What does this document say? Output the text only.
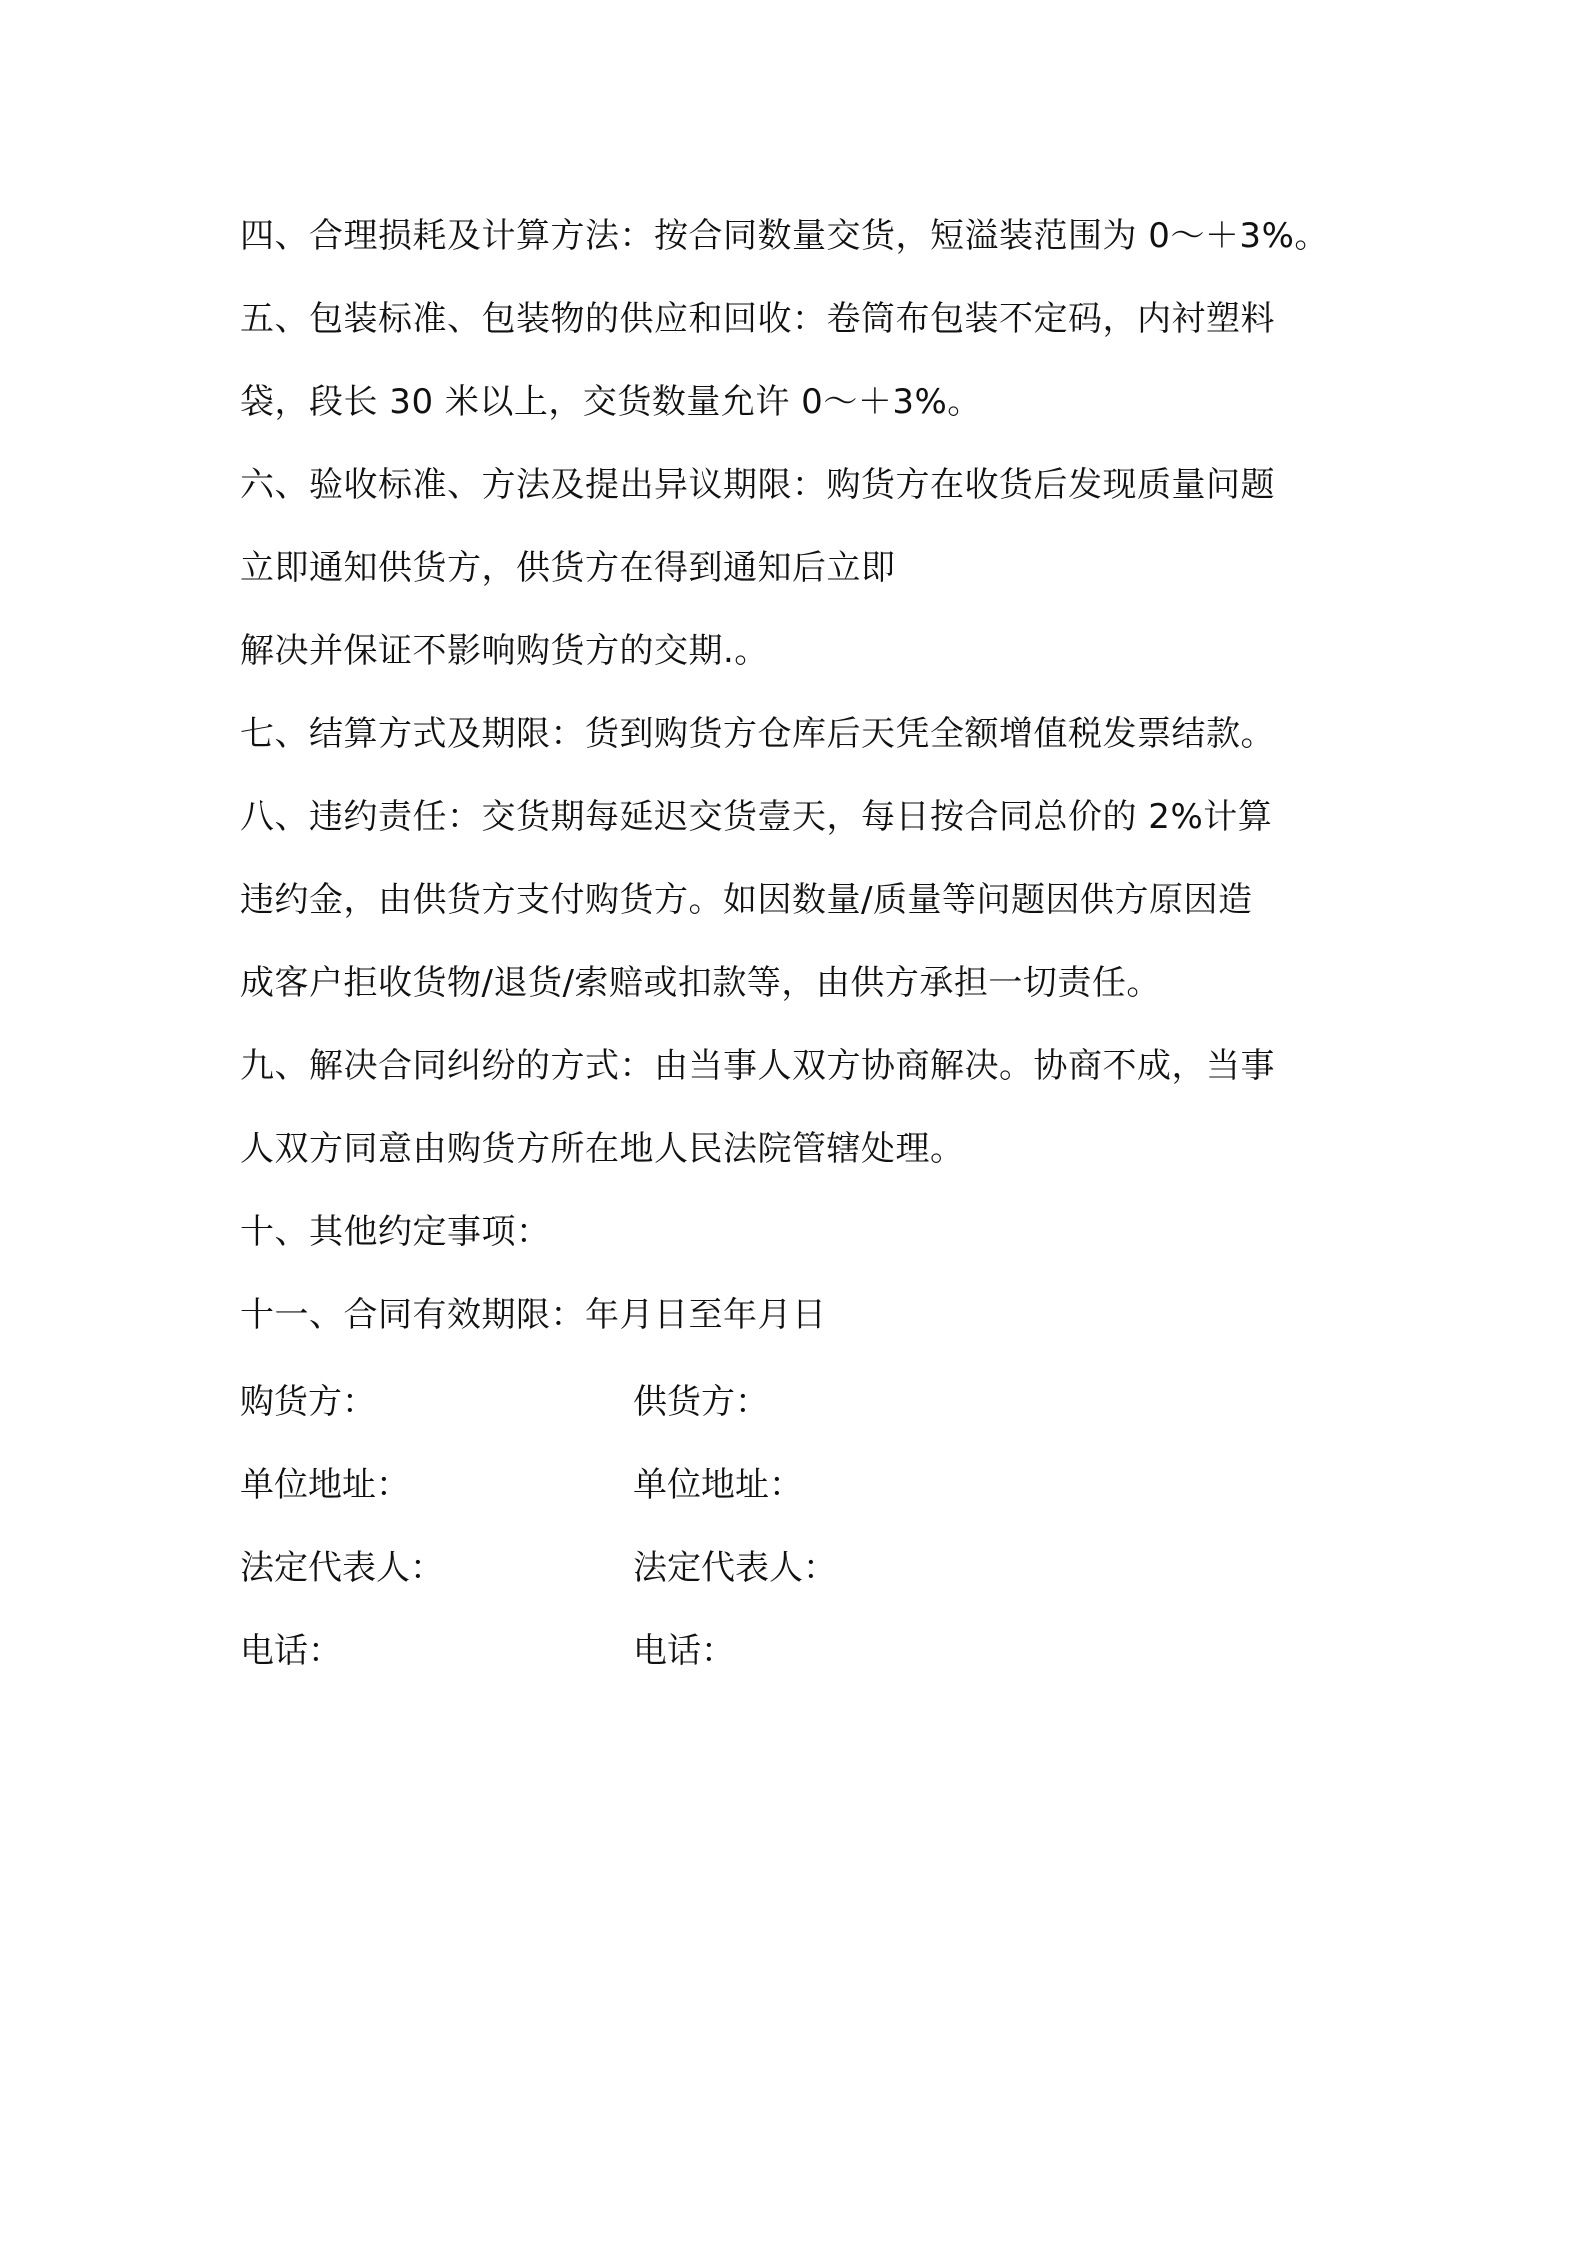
四、合理损耗及计算方法：按合同数量交货，短溢装范围为 0～＋3%。
五、包装标准、包装物的供应和回收：卷筒布包装不定码，内衬塑料
袋，段长 30 米以上，交货数量允许 0～＋3%。
六、验收标准、方法及提出异议期限：购货方在收货后发现质量问题
立即通知供货方，供货方在得到通知后立即
解决并保证不影响购货方的交期.。
七、结算方式及期限：货到购货方仓库后天凭全额增值税发票结款。
八、违约责任：交货期每延迟交货壹天，每日按合同总价的 2%计算
违约金，由供货方支付购货方。如因数量/质量等问题因供方原因造
成客户拒收货物/退货/索赔或扣款等，由供方承担一切责任。
九、解决合同纠纷的方式：由当事人双方协商解决。协商不成，当事
人双方同意由购货方所在地人民法院管辖处理。
十、其他约定事项：
十一、合同有效期限：年月日至年月日
购货方：	供货方：
单位地址：	单位地址：
法定代表人：	法定代表人：
电话：	电话：
